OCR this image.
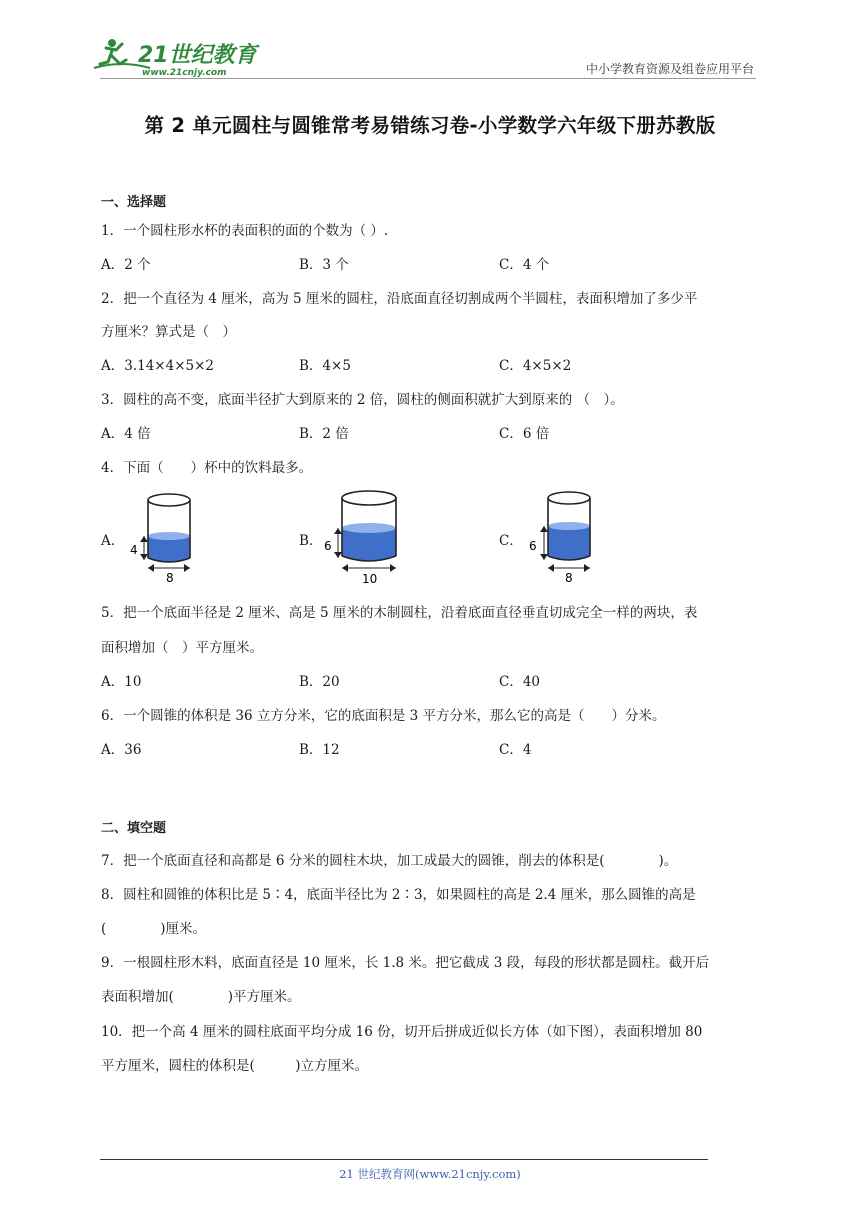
21世纪教育
www.21cnjy.com	中小学教育资源及组卷应用平台
第 2 单元圆柱与圆锥常考易错练习卷-小学数学六年级下册苏教版
一、选择题
1．一个圆柱形水杯的表面积的面的个数为（ ）.
A．2 个	B．3 个	C．4 个
2．把一个直径为 4 厘米，高为 5 厘米的圆柱，沿底面直径切割成两个半圆柱，表面积增加了多少平
方厘米？算式是（　）
A．3.14×4×5×2	B．4×5	C．4×5×2
3．圆柱的高不变，底面半径扩大到原来的 2 倍，圆柱的侧面积就扩大到原来的 （　）。
A．4 倍	B．2 倍	C．6 倍
4．下面（　　）杯中的饮料最多。
A．	B．	C．
4
8
6
10
6
8
5．把一个底面半径是 2 厘米、高是 5 厘米的木制圆柱，沿着底面直径垂直切成完全一样的两块，表
面积增加（　）平方厘米。
A．10	B．20	C．40
6．一个圆锥的体积是 36 立方分米，它的底面积是 3 平方分米，那么它的高是（　　）分米。
A．36	B．12	C．4
二、填空题
7．把一个底面直径和高都是 6 分米的圆柱木块，加工成最大的圆锥，削去的体积是(　　　　)。
8．圆柱和圆锥的体积比是 5∶4，底面半径比为 2∶3，如果圆柱的高是 2.4 厘米，那么圆锥的高是
(　　　　)厘米。
9．一根圆柱形木料，底面直径是 10 厘米，长 1.8 米。把它截成 3 段，每段的形状都是圆柱。截开后
表面积增加(　　　　)平方厘米。
10．把一个高 4 厘米的圆柱底面平均分成 16 份，切开后拼成近似长方体（如下图），表面积增加 80
平方厘米，圆柱的体积是(　　　)立方厘米。
21 世纪教育网(www.21cnjy.com)
